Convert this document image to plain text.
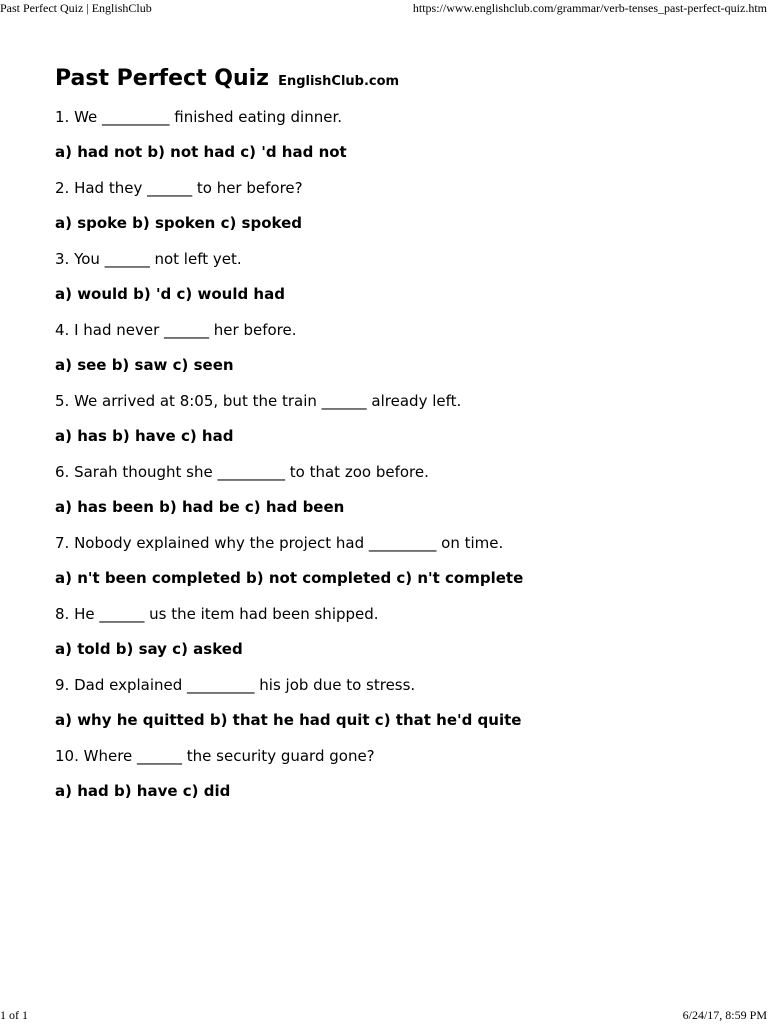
Past Perfect Quiz | EnglishClub	https://www.englishclub.com/grammar/verb-tenses_past-perfect-quiz.htm
Past Perfect Quiz EnglishClub.com
1. We _________ finished eating dinner.
a) had not b) not had c) 'd had not
2. Had they ______ to her before?
a) spoke b) spoken c) spoked
3. You ______ not left yet.
a) would b) 'd c) would had
4. I had never ______ her before.
a) see b) saw c) seen
5. We arrived at 8:05, but the train ______ already left.
a) has b) have c) had
6. Sarah thought she _________ to that zoo before.
a) has been b) had be c) had been
7. Nobody explained why the project had _________ on time.
a) n't been completed b) not completed c) n't complete
8. He ______ us the item had been shipped.
a) told b) say c) asked
9. Dad explained _________ his job due to stress.
a) why he quitted b) that he had quit c) that he'd quite
10. Where ______ the security guard gone?
a) had b) have c) did
1 of 1	6/24/17, 8:59 PM
